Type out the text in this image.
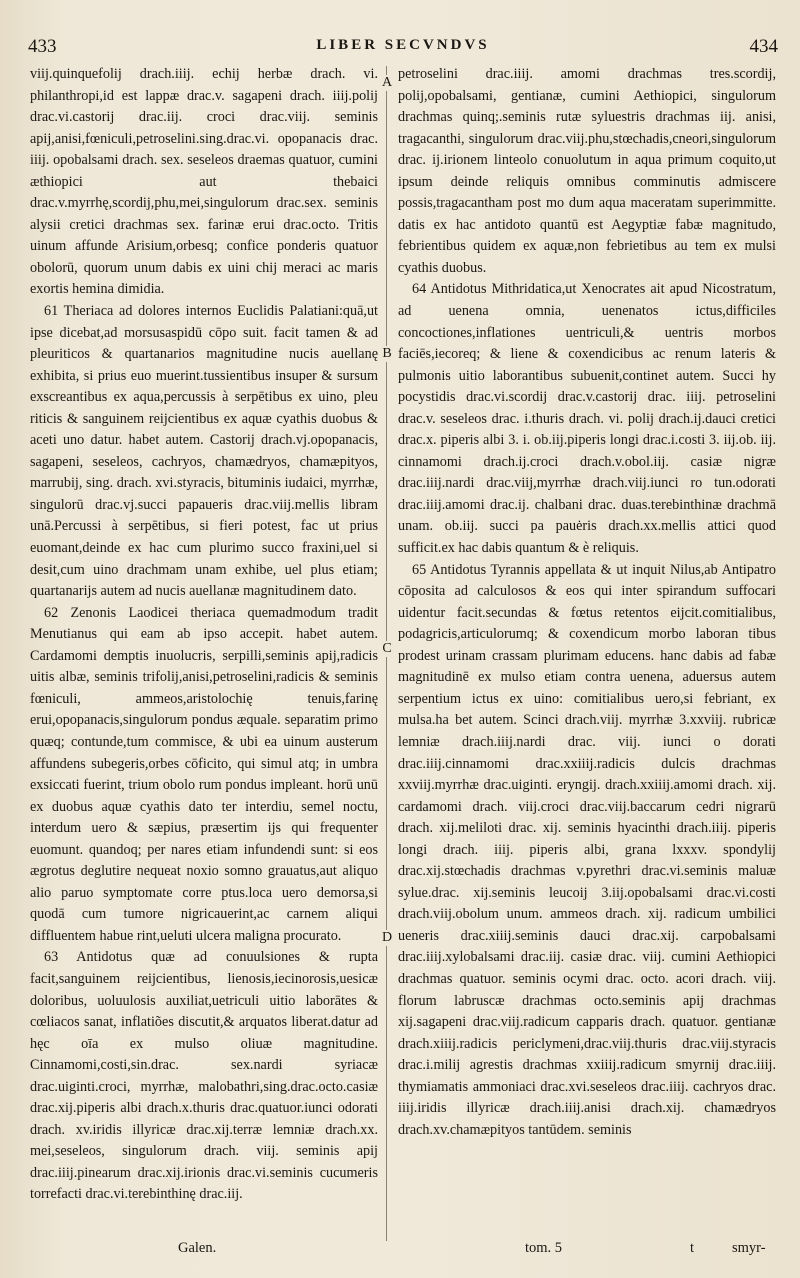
433	LIBER SECVNDVS	434

viij.quinquefolij drach.iiij. echij herbæ drach. vi. philanthropi,id est lappæ drac.v. sagapeni drach. iiij.polij drac.vi.castorij drac.iij. croci drac.viij. seminis apij,anisi,fœniculi,petroselini.sing.drac.vi. opopanacis drac. iiij. opobalsami drach. sex. seseleos draemas quatuor, cumini æthiopici aut thebaici drac.v.myrrhę,scordij,phu,mei,singulorum drac.sex. seminis alysii cretici drachmas sex. farinæ erui drac.octo. Tritis uinum affunde Arisium,orbesq; confice ponderis quatuor obolorū, quorum unum dabis ex uini chij meraci ac maris exortis hemina dimidia.

61 Theriaca ad dolores internos Euclidis Palatiani:quā,ut ipse dicebat,ad morsusaspidū cōpo suit. facit tamen & ad pleuriticos & quartanarios magnitudine nucis auellanę exhibita, si prius euo muerint.tussientibus insuper & sursum exscreantibus ex aqua,percussis à serpētibus ex uino, pleu riticis & sanguinem reijcientibus ex aquæ cyathis duobus & aceti uno datur. habet autem. Castorij drach.vj.opopanacis, sagapeni, seseleos, cachryos, chamædryos, chamæpityos, marrubij, sing. drach. xvi.styracis, bituminis iudaici, myrrhæ, singulorū drac.vj.succi papaueris drac.viij.mellis libram unā.Percussi à serpētibus, si fieri potest, fac ut prius euomant,deinde ex hac cum plurimo succo fraxini,uel si desit,cum uino drachmam unam exhibe, uel plus etiam; quartanarijs autem ad nucis auellanæ magnitudinem dato.

62 Zenonis Laodicei theriaca quemadmodum tradit Menutianus qui eam ab ipso accepit. habet autem. Cardamomi demptis inuolucris, serpilli,seminis apij,radicis uitis albæ, seminis trifolij,anisi,petroselini,radicis & seminis fœniculi, ammeos,aristolochię tenuis,farinę erui,opopanacis,singulorum pondus æquale. separatim primo quæq; contunde,tum commisce, & ubi ea uinum austerum affundens subegeris,orbes cōficito, qui simul atq; in umbra exsiccati fuerint, trium obolo rum pondus impleant. horū unū ex duobus aquæ cyathis dato ter interdiu, semel noctu, interdum uero & sæpius, præsertim ijs qui frequenter euomunt. quandoq; per nares etiam infundendi sunt: si eos ægrotus deglutire nequeat noxio somno grauatus,aut aliquo alio paruo symptomate corre ptus.loca uero demorsa,si quodā cum tumore nigricauerint,ac carnem aliqui diffluentem habue rint,ueluti ulcera maligna procurato.

63 Antidotus quæ ad conuulsiones & rupta facit,sanguinem reijcientibus, lienosis,iecinorosis,uesicæ doloribus, uoluulosis auxiliat,uetriculi uitio laborātes & cœliacos sanat, inflatiões discutit,& arquatos liberat.datur ad hęc oīa ex mulso oliuæ magnitudine. Cinnamomi,costi,sin.drac. sex.nardi syriacæ drac.uiginti.croci, myrrhæ, malobathri,sing.drac.octo.casiæ drac.xij.piperis albi drach.x.thuris drac.quatuor.iunci odorati drach. xv.iridis illyricæ drac.xij.terræ lemniæ drach.xx. mei,seseleos, singulorum drach. viij. seminis apij drac.iiij.pinearum drac.xij.irionis drac.vi.seminis cucumeris torrefacti drac.vi.terebinthinę drac.iij.

A
B
C
D

petroselini drac.iiij. amomi drachmas tres.scordij, polij,opobalsami, gentianæ, cumini Aethiopici, singulorum drachmas quinq;.seminis rutæ syluestris drachmas iij. anisi, tragacanthi, singulorum drac.viij.phu,stœchadis,cneori,singulorum drac. ij.irionem linteolo conuolutum in aqua primum coquito,ut ipsum deinde reliquis omnibus comminutis admiscere possis,tragacantham post mo dum aqua maceratam superimmitte. datis ex hac antidoto quantū est Aegyptiæ fabæ magnitudo, febrientibus quidem ex aquæ,non febrietibus au tem ex mulsi cyathis duobus.

64 Antidotus Mithridatica,ut Xenocrates ait apud Nicostratum, ad uenena omnia, uenenatos ictus,difficiles concoctiones,inflationes uentriculi,& uentris morbos faciēs,iecoreq; & liene & coxendicibus ac renum lateris & pulmonis uitio laborantibus subuenit,continet autem. Succi hy pocystidis drac.vi.scordij drac.v.castorij drac. iiij. petroselini drac.v. seseleos drac. i.thuris drach. vi. polij drach.ij.dauci cretici drac.x. piperis albi 3. i. ob.iij.piperis longi drac.i.costi 3. iij.ob. iij. cinnamomi drach.ij.croci drach.v.obol.iij. casiæ nigræ drac.iiij.nardi drac.viij,myrrhæ drach.viij.iunci ro tun.odorati drac.iiij.amomi drac.ij. chalbani drac. duas.terebinthinæ drachmā unam. ob.iij. succi pa pauėris drach.xx.mellis attici quod sufficit.ex hac dabis quantum & è reliquis.

65 Antidotus Tyrannis appellata & ut inquit Nilus,ab Antipatro cōposita ad calculosos & eos qui inter spirandum suffocari uidentur facit.secundas & fœtus retentos eijcit.comitialibus, podagricis,articulorumq; & coxendicum morbo laboran tibus prodest urinam crassam plurimam educens. hanc dabis ad fabæ magnitudinē ex mulso etiam contra uenena, aduersus autem serpentium ictus ex uino: comitialibus uero,si febriant, ex mulsa.ha bet autem. Scinci drach.viij. myrrhæ 3.xxviij. rubricæ lemniæ drach.iiij.nardi drac. viij. iunci o dorati drac.iiij.cinnamomi drac.xxiiij.radicis dulcis drachmas xxviij.myrrhæ drac.uiginti. eryngij. drach.xxiiij.amomi drach. xij. cardamomi drach. viij.croci drac.viij.baccarum cedri nigrarū drach. xij.meliloti drac. xij. seminis hyacinthi drach.iiij. piperis longi drach. iiij. piperis albi, grana lxxxv. spondylij drac.xij.stœchadis drachmas v.pyrethri drac.vi.seminis maluæ sylue.drac. xij.seminis leucoij 3.iij.opobalsami drac.vi.costi drach.viij.obolum unum. ammeos drach. xij. radicum umbilici ueneris drac.xiiij.seminis dauci drac.xij. carpobalsami drac.iiij.xylobalsami drac.iij. casiæ drac. viij. cumini Aethiopici drachmas quatuor. seminis ocymi drac. octo. acori drach. viij. florum labruscæ drachmas octo.seminis apij drachmas xij.sagapeni drac.viij.radicum capparis drach. quatuor. gentianæ drach.xiiij.radicis periclymeni,drac.viij.thuris drac.viij.styracis drac.i.milij agrestis drachmas xxiiij.radicum smyrnij drac.iiij. thymiamatis ammoniaci drac.xvi.seseleos drac.iiij. cachryos drac. iiij.iridis illyricæ drach.iiij.anisi drach.xij. chamædryos drach.xv.chamæpityos tantūdem. seminis

Galen.	tom. 5	t	smyr-
